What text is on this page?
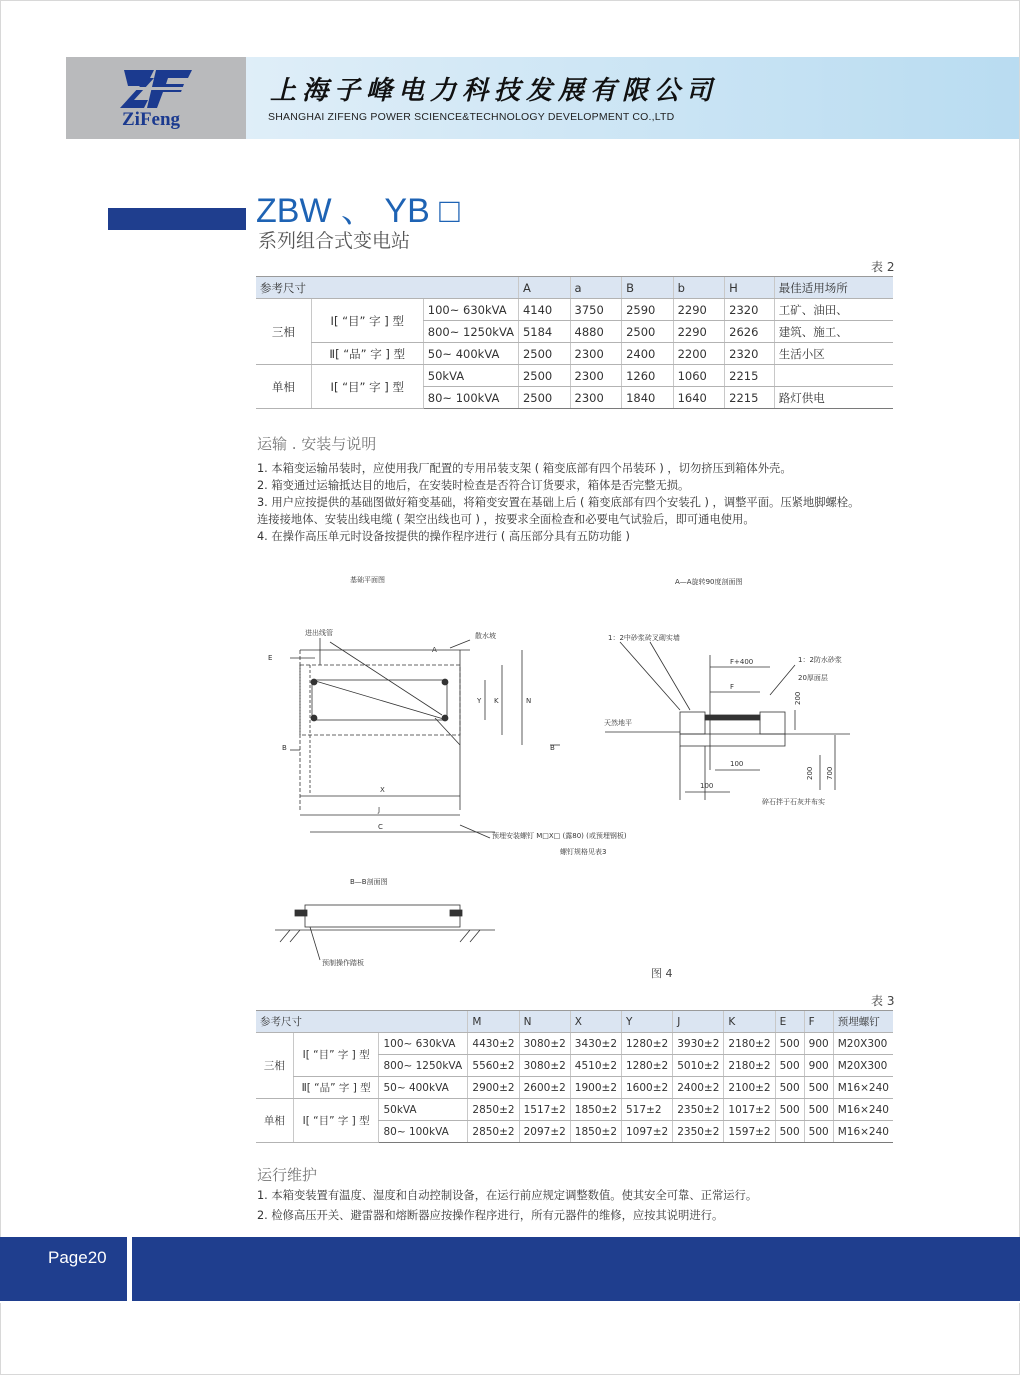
ZiFeng
上海子峰电力科技发展有限公司
SHANGHAI ZIFENG POWER SCIENCE&TECHNOLOGY DEVELOPMENT CO.,LTD
ZBW 、 YB □
系列组合式变电站
表 2
参考尺寸			A	a	B	b	H	最佳适用场所
三相	Ⅰ[ “目” 字 ] 型	100~ 630kVA	4140	3750	2590	2290	2320	工矿、油田、
		800~ 1250kVA	5184	4880	2500	2290	2626	建筑、施工、
	Ⅱ[ “品” 字 ] 型	50~ 400kVA	2500	2300	2400	2200	2320	生活小区
单相	Ⅰ[ “目” 字 ] 型	50kVA	2500	2300	1260	1060	2215	
		80~ 100kVA	2500	2300	1840	1640	2215	路灯供电
运输 . 安装与说明
1. 本箱变运输吊装时，应使用我厂配置的专用吊装支架 ( 箱变底部有四个吊装环 ) ，切勿挤压到箱体外壳。
2. 箱变通过运输抵达目的地后，在安装时检查是否符合订货要求，箱体是否完整无损。
3. 用户应按提供的基础图做好箱变基础，将箱变安置在基础上后 ( 箱变底部有四个安装孔 ) ，调整平面。压紧地脚螺栓。
连接接地体、安装出线电缆 ( 架空出线也可 ) ，按要求全面检查和必要电气试验后，即可通电使用。
4. 在操作高压单元时设备按提供的操作程序进行 ( 高压部分具有五防功能 )
基础平面图
进出线管	散水坡
E
B
A
X
J
C
Y K	N
B
预埋安装螺钉 M□X□ (露80) (或预埋钢板)
螺钉规格见表3
A—A旋转90度剖面图
1：2中砂浆砖叉砌实墙
1：2防水砂浆
20厚面层
天然地平
碎石拌于石灰并布实
F+400
F
200
200 700
100
100
B—B剖面图
预制操作踏板
图 4
表 3
参考尺寸			M	N	X	Y	J	K	E	F	预埋螺钉
三相	Ⅰ[ “目” 字 ] 型	100~ 630kVA	4430±2	3080±2	3430±2	1280±2	3930±2	2180±2	500	900	M20X300
		800~ 1250kVA	5560±2	3080±2	4510±2	1280±2	5010±2	2180±2	500	900	M20X300
	Ⅱ[ “品” 字 ] 型	50~ 400kVA	2900±2	2600±2	1900±2	1600±2	2400±2	2100±2	500	500	M16×240
单相	Ⅰ[ “目” 字 ] 型	50kVA	2850±2	1517±2	1850±2	517±2	2350±2	1017±2	500	500	M16×240
		80~ 100kVA	2850±2	2097±2	1850±2	1097±2	2350±2	1597±2	500	500	M16×240
运行维护
1. 本箱变装置有温度、湿度和自动控制设备，在运行前应规定调整数值。使其安全可靠、正常运行。
2. 检修高压开关、避雷器和熔断器应按操作程序进行，所有元器件的维修，应按其说明进行。
Page20
